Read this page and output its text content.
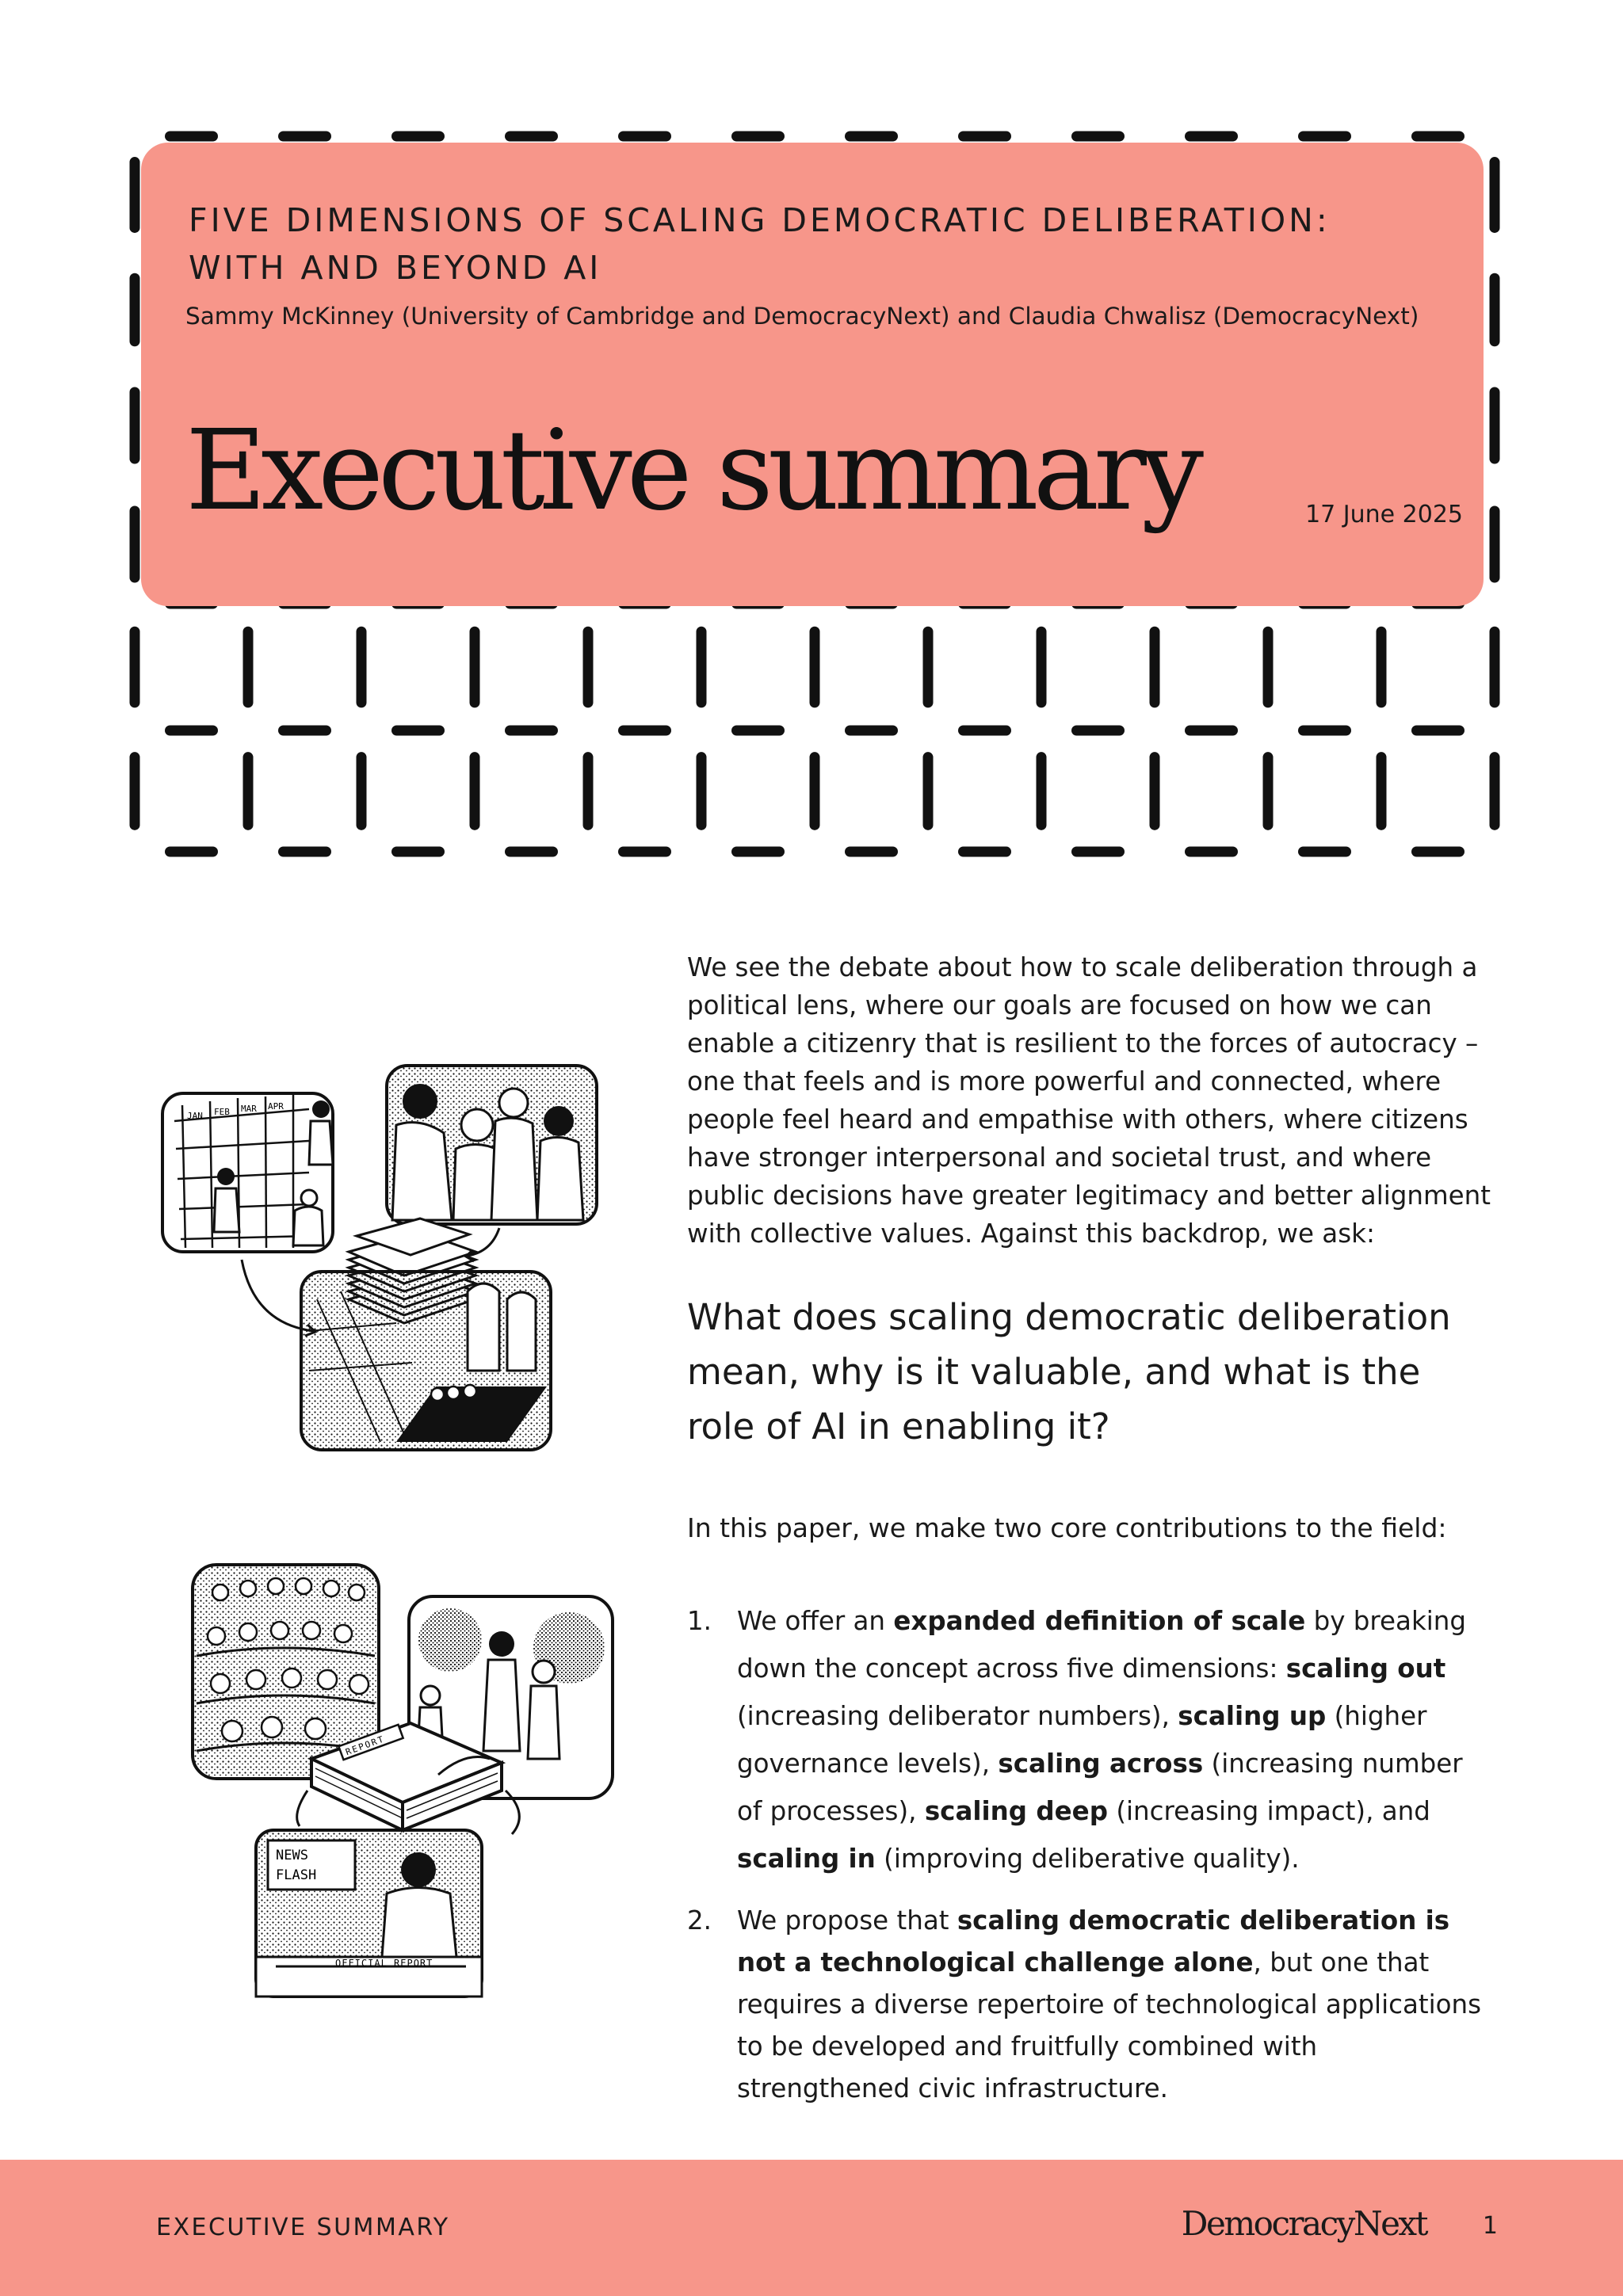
FIVE DIMENSIONS OF SCALING DEMOCRATIC DELIBERATION:
WITH AND BEYOND AI
Sammy McKinney (University of Cambridge and DemocracyNext) and Claudia Chwalisz (DemocracyNext)
Executive summary	17 June 2025
JAN FEB MAR APR
REPORT
NEWS
FLASH
OFFICIAL REPORT

We see the debate about how to scale deliberation through a political lens, where our goals are focused on how we can enable a citizenry that is resilient to the forces of autocracy – one that feels and is more powerful and connected, where people feel heard and empathise with others, where citizens have stronger interpersonal and societal trust, and where public decisions have greater legitimacy and better alignment with collective values. Against this backdrop, we ask:

What does scaling democratic deliberation mean, why is it valuable, and what is the role of AI in enabling it?
In this paper, we make two core contributions to the field:
1. We offer an expanded definition of scale by breaking down the concept across five dimensions: scaling out (increasing deliberator numbers), scaling up (higher governance levels), scaling across (increasing number of processes), scaling deep (increasing impact), and scaling in (improving deliberative quality).
2. We propose that scaling democratic deliberation is not a technological challenge alone, but one that requires a diverse repertoire of technological applications to be developed and fruitfully combined with strengthened civic infrastructure.
EXECUTIVE SUMMARY	DemocracyNext	1
